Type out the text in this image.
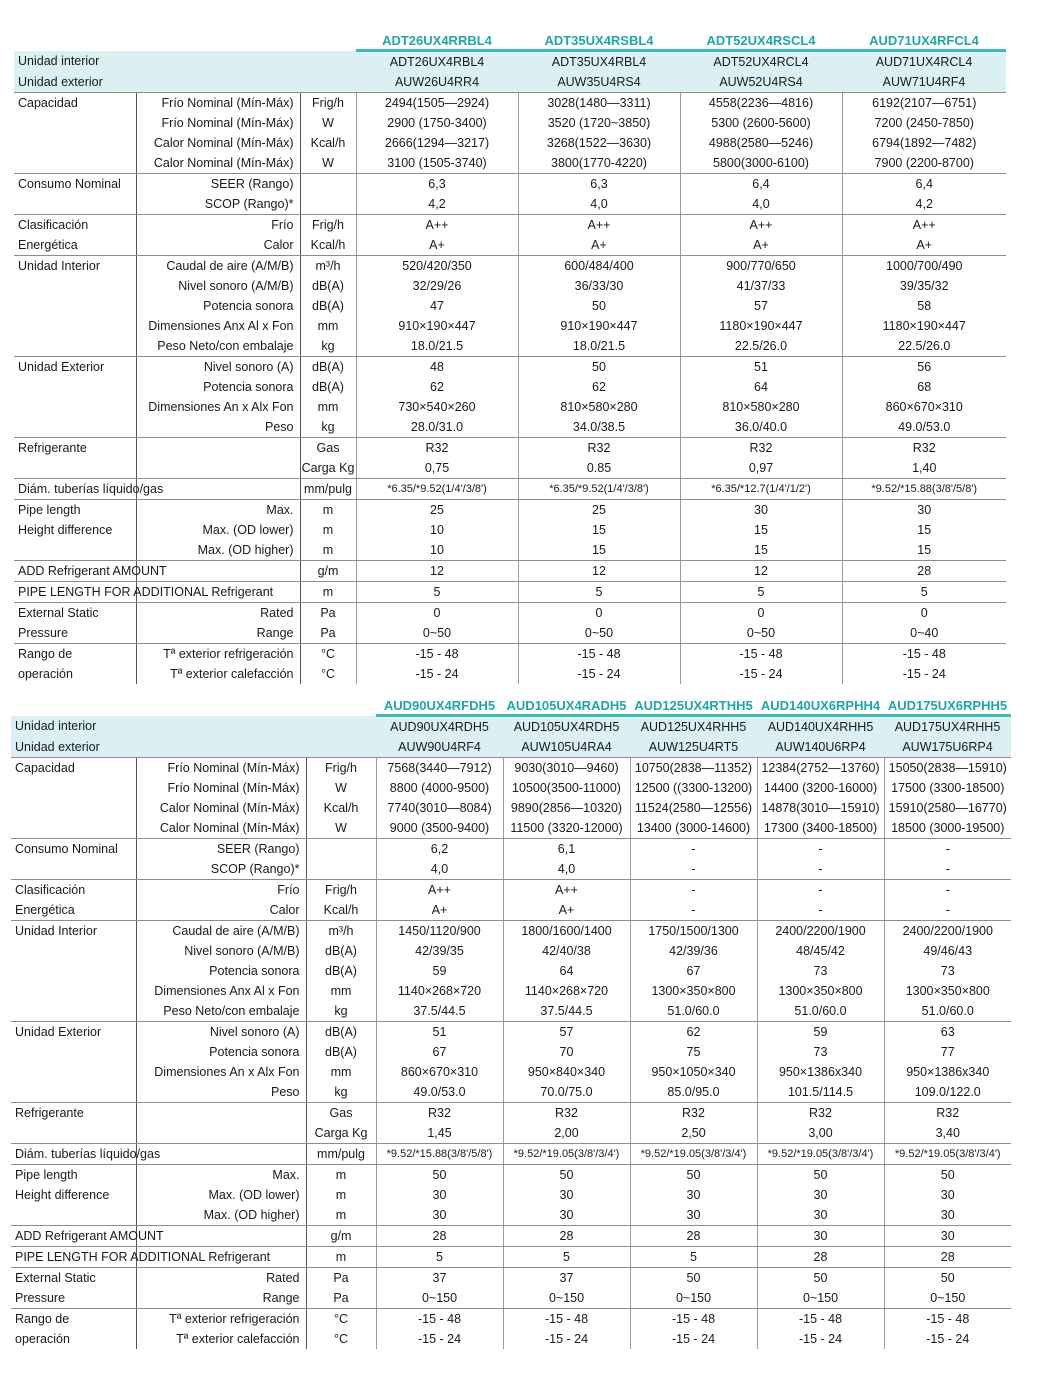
			ADT26UX4RRBL4	ADT35UX4RSBL4	ADT52UX4RSCL4	AUD71UX4RFCL4
Unidad interior			ADT26UX4RBL4	ADT35UX4RBL4	ADT52UX4RCL4	AUD71UX4RCL4
Unidad exterior			AUW26U4RR4	AUW35U4RS4	AUW52U4RS4	AUW71U4RF4
Capacidad	Frío Nominal (Mín-Máx)	Frig/h	2494(1505—2924)	3028(1480—3311)	4558(2236—4816)	6192(2107—6751)
	Frío Nominal (Mín-Máx)	W	2900 (1750-3400)	3520 (1720~3850)	5300 (2600-5600)	7200 (2450-7850)
	Calor Nominal (Mín-Máx)	Kcal/h	2666(1294—3217)	3268(1522—3630)	4988(2580—5246)	6794(1892—7482)
	Calor Nominal (Mín-Máx)	W	3100 (1505-3740)	3800(1770-4220)	5800(3000-6100)	7900 (2200-8700)
Consumo Nominal	SEER (Rango)		6,3	6,3	6,4	6,4
	SCOP (Rango)*		4,2	4,0	4,0	4,2
Clasificación	Frío	Frig/h	A++	A++	A++	A++
Energética	Calor	Kcal/h	A+	A+	A+	A+
Unidad Interior	Caudal de aire (A/M/B)	m³/h	520/420/350	600/484/400	900/770/650	1000/700/490
	Nivel sonoro (A/M/B)	dB(A)	32/29/26	36/33/30	41/37/33	39/35/32
	Potencia sonora	dB(A)	47	50	57	58
	Dimensiones Anx Al x Fon	mm	910×190×447	910×190×447	1180×190×447	1180×190×447
	Peso Neto/con embalaje	kg	18.0/21.5	18.0/21.5	22.5/26.0	22.5/26.0
Unidad Exterior	Nivel sonoro (A)	dB(A)	48	50	51	56
	Potencia sonora	dB(A)	62	62	64	68
	Dimensiones An x Alx Fon	mm	730×540×260	810×580×280	810×580×280	860×670×310
	Peso	kg	28.0/31.0	34.0/38.5	36.0/40.0	49.0/53.0
Refrigerante		Gas	R32	R32	R32	R32
		Carga Kg	0,75	0.85	0,97	1,40
Diám. tuberías líquido/gas		mm/pulg	*6.35/*9.52(1/4'/3/8')	*6.35/*9.52(1/4'/3/8')	*6.35/*12.7(1/4'/1/2')	*9.52/*15.88(3/8'/5/8')
Pipe length	Max.	m	25	25	30	30
Height difference	Max. (OD lower)	m	10	15	15	15
	Max. (OD higher)	m	10	15	15	15
ADD Refrigerant AMOUNT		g/m	12	12	12	28
PIPE LENGTH FOR ADDITIONAL Refrigerant		m	5	5	5	5
External Static	Rated	Pa	0	0	0	0
Pressure	Range	Pa	0~50	0~50	0~50	0~40
Rango de	Tª exterior refrigeración	°C	-15 - 48	-15 - 48	-15 - 48	-15 - 48
operación	Tª exterior calefacción	°C	-15 - 24	-15 - 24	-15 - 24	-15 - 24
			AUD90UX4RFDH5	AUD105UX4RADH5	AUD125UX4RTHH5	AUD140UX6RPHH4	AUD175UX6RPHH5
Unidad interior			AUD90UX4RDH5	AUD105UX4RDH5	AUD125UX4RHH5	AUD140UX4RHH5	AUD175UX4RHH5
Unidad exterior			AUW90U4RF4	AUW105U4RA4	AUW125U4RT5	AUW140U6RP4	AUW175U6RP4
Capacidad	Frío Nominal (Mín-Máx)	Frig/h	7568(3440—7912)	9030(3010—9460)	10750(2838—11352)	12384(2752—13760)	15050(2838—15910)
	Frío Nominal (Mín-Máx)	W	8800 (4000-9500)	10500(3500-11000)	12500 ((3300-13200)	14400 (3200-16000)	17500 (3300-18500)
	Calor Nominal (Mín-Máx)	Kcal/h	7740(3010—8084)	9890(2856—10320)	11524(2580—12556)	14878(3010—15910)	15910(2580—16770)
	Calor Nominal (Mín-Máx)	W	9000 (3500-9400)	11500 (3320-12000)	13400 (3000-14600)	17300 (3400-18500)	18500 (3000-19500)
Consumo Nominal	SEER (Rango)		6,2	6,1	-	-	-
	SCOP (Rango)*		4,0	4,0	-	-	-
Clasificación	Frío	Frig/h	A++	A++	-	-	-
Energética	Calor	Kcal/h	A+	A+	-	-	-
Unidad Interior	Caudal de aire (A/M/B)	m³/h	1450/1120/900	1800/1600/1400	1750/1500/1300	2400/2200/1900	2400/2200/1900
	Nivel sonoro (A/M/B)	dB(A)	42/39/35	42/40/38	42/39/36	48/45/42	49/46/43
	Potencia sonora	dB(A)	59	64	67	73	73
	Dimensiones Anx Al x Fon	mm	1140×268×720	1140×268×720	1300×350×800	1300×350×800	1300×350×800
	Peso Neto/con embalaje	kg	37.5/44.5	37.5/44.5	51.0/60.0	51.0/60.0	51.0/60.0
Unidad Exterior	Nivel sonoro (A)	dB(A)	51	57	62	59	63
	Potencia sonora	dB(A)	67	70	75	73	77
	Dimensiones An x Alx Fon	mm	860×670×310	950×840×340	950×1050×340	950×1386x340	950×1386x340
	Peso	kg	49.0/53.0	70.0/75.0	85.0/95.0	101.5/114.5	109.0/122.0
Refrigerante		Gas	R32	R32	R32	R32	R32
		Carga Kg	1,45	2,00	2,50	3,00	3,40
Diám. tuberías líquido/gas		mm/pulg	*9.52/*15.88(3/8'/5/8')	*9.52/*19.05(3/8'/3/4')	*9.52/*19.05(3/8'/3/4')	*9.52/*19.05(3/8'/3/4')	*9.52/*19.05(3/8'/3/4')
Pipe length	Max.	m	50	50	50	50	50
Height difference	Max. (OD lower)	m	30	30	30	30	30
	Max. (OD higher)	m	30	30	30	30	30
ADD Refrigerant AMOUNT		g/m	28	28	28	30	30
PIPE LENGTH FOR ADDITIONAL Refrigerant		m	5	5	5	28	28
External Static	Rated	Pa	37	37	50	50	50
Pressure	Range	Pa	0~150	0~150	0~150	0~150	0~150
Rango de	Tª exterior refrigeración	°C	-15 - 48	-15 - 48	-15 - 48	-15 - 48	-15 - 48
operación	Tª exterior calefacción	°C	-15 - 24	-15 - 24	-15 - 24	-15 - 24	-15 - 24
